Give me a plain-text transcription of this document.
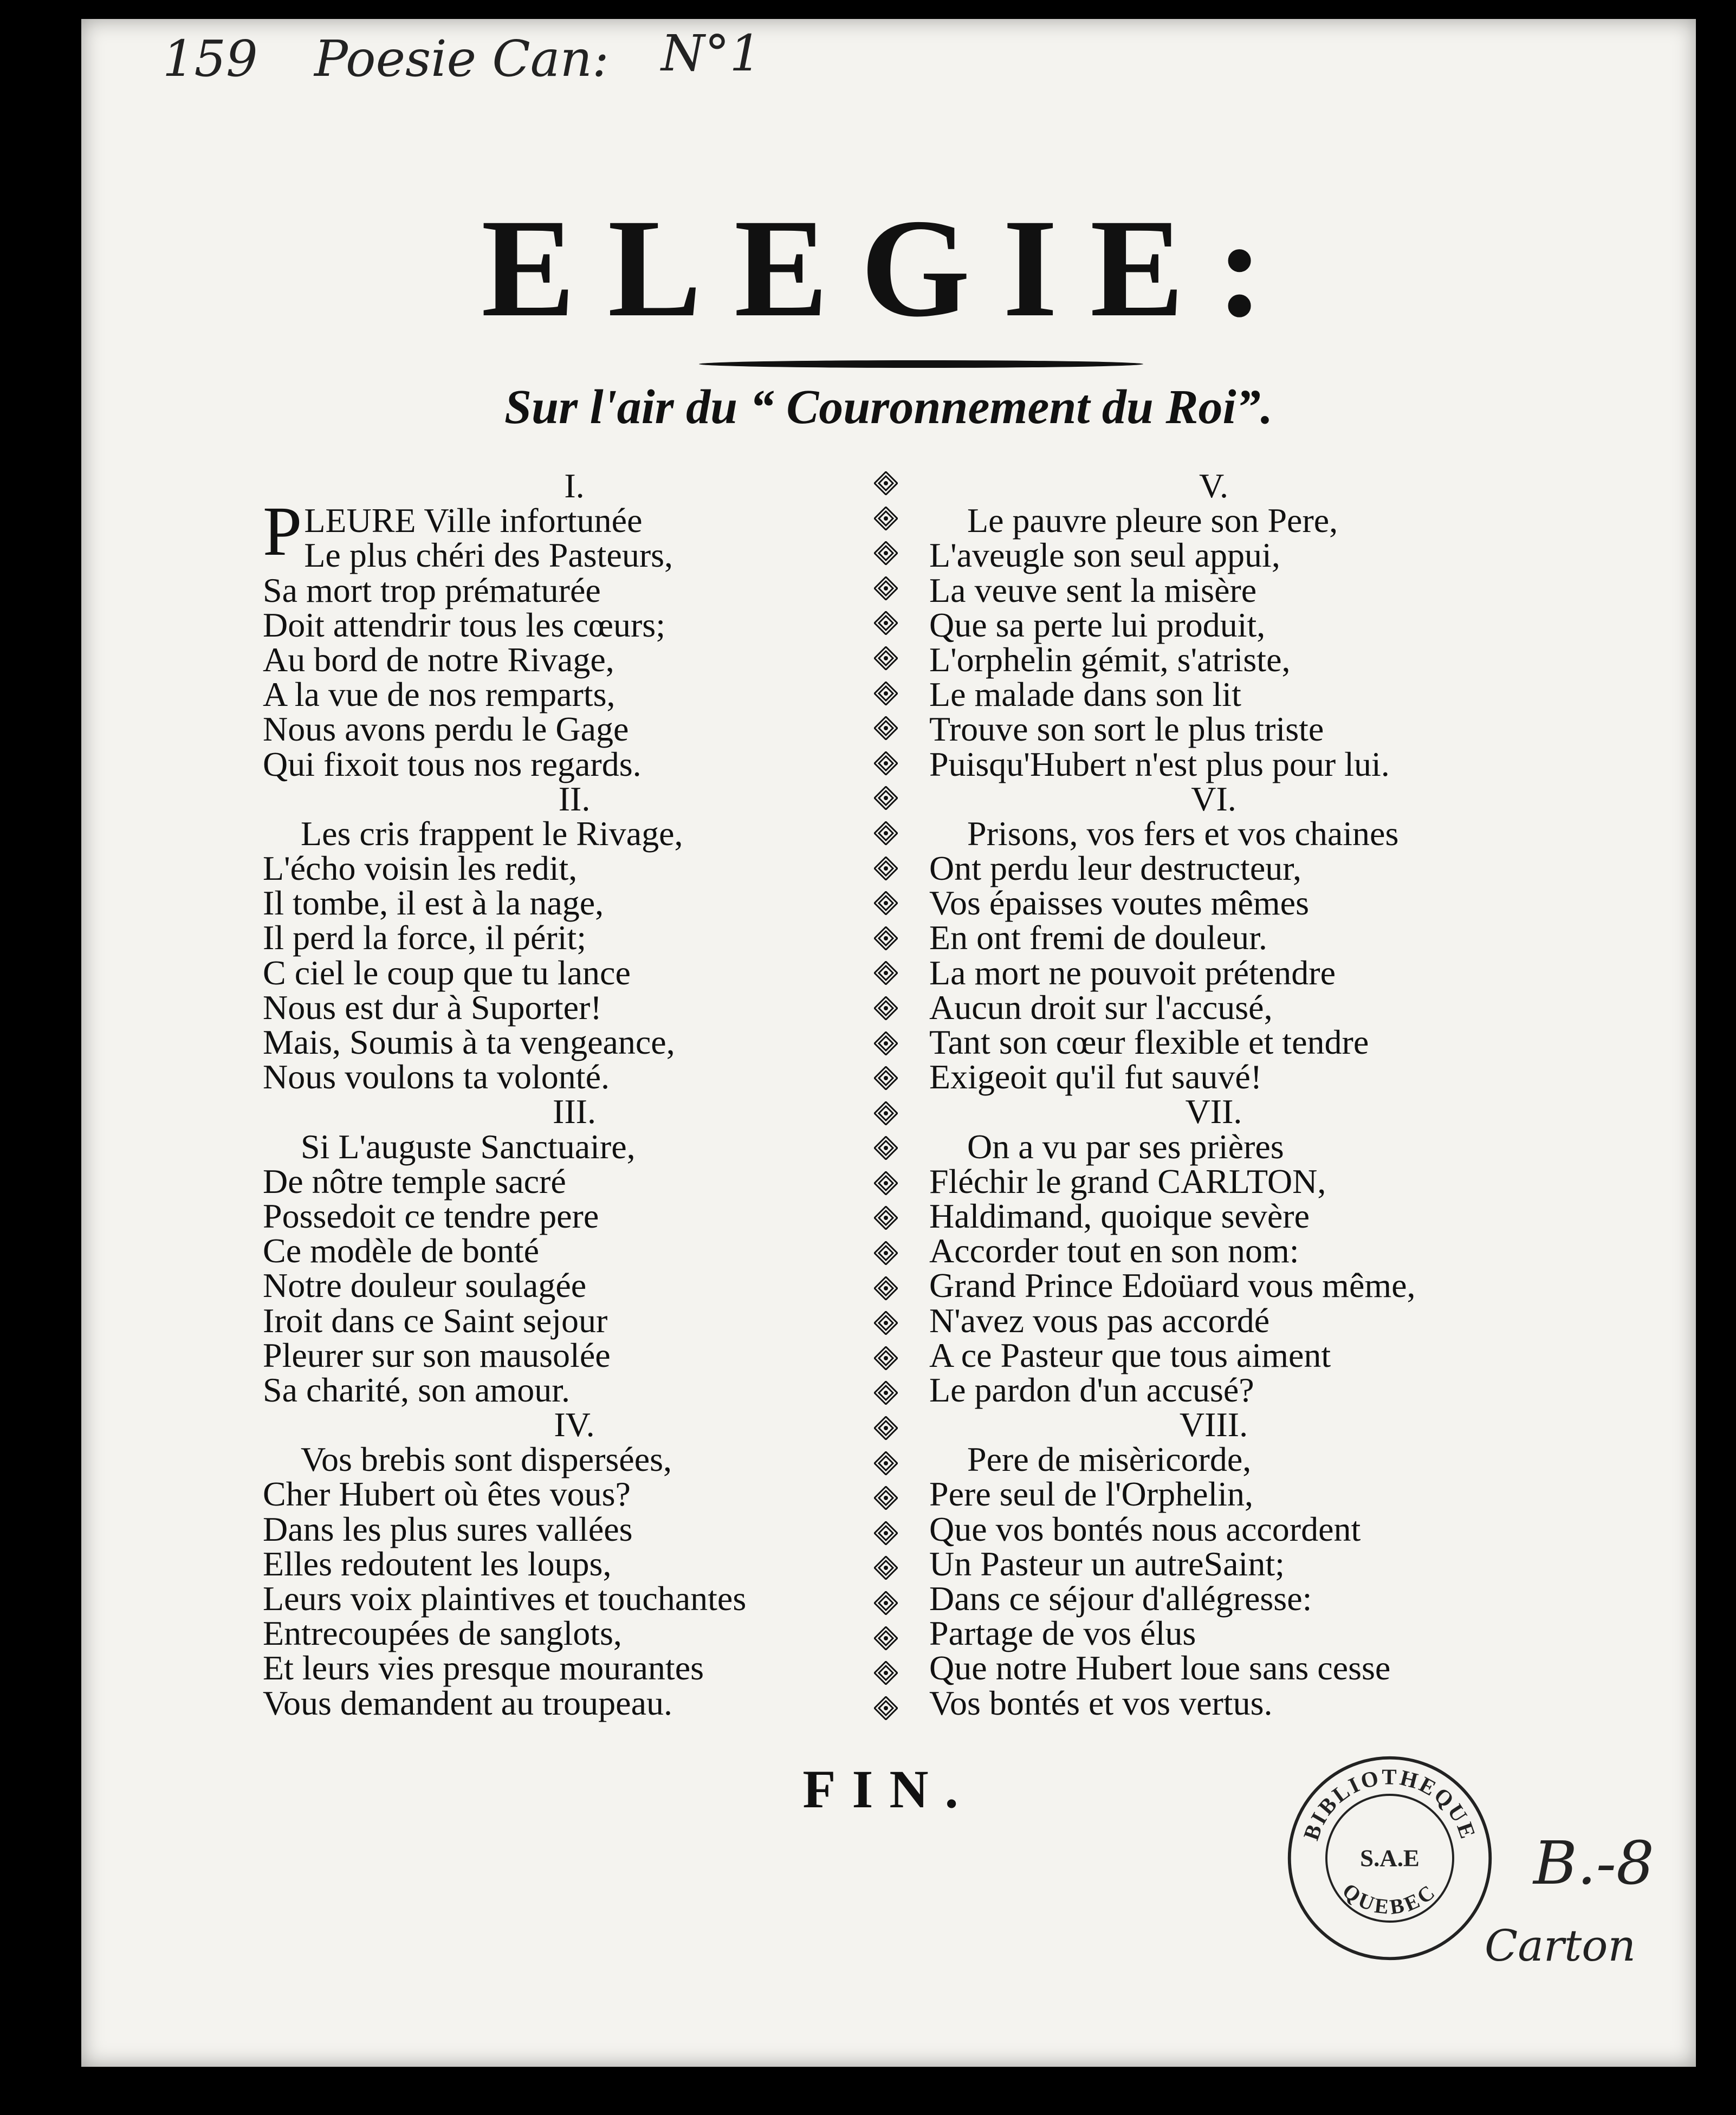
159 Poesie Can: N°1
ELEGIE:
Sur l'air du “ Couronnement du Roi”.
I.
PLEURE Ville infortunée
Le plus chéri des Pasteurs,
Sa mort trop prématurée
Doit attendrir tous les cœurs;
Au bord de notre Rivage,
A la vue de nos remparts,
Nous avons perdu le Gage
Qui fixoit tous nos regards.
II.
Les cris frappent le Rivage,
L'écho voisin les redit,
Il tombe, il est à la nage,
Il perd la force, il périt;
C ciel le coup que tu lance
Nous est dur à Suporter!
Mais, Soumis à ta vengeance,
Nous voulons ta volonté.
III.
Si L'auguste Sanctuaire,
De nôtre temple sacré
Possedoit ce tendre pere
Ce modèle de bonté
Notre douleur soulagée
Iroit dans ce Saint sejour
Pleurer sur son mausolée
Sa charité, son amour.
IV.
Vos brebis sont dispersées,
Cher Hubert où êtes vous?
Dans les plus sures vallées
Elles redoutent les loups,
Leurs voix plaintives et touchantes
Entrecoupées de sanglots,
Et leurs vies presque mourantes
Vous demandent au troupeau.
V.
Le pauvre pleure son Pere,
L'aveugle son seul appui,
La veuve sent la misère
Que sa perte lui produit,
L'orphelin gémit, s'atriste,
Le malade dans son lit
Trouve son sort le plus triste
Puisqu'Hubert n'est plus pour lui.
VI.
Prisons, vos fers et vos chaines
Ont perdu leur destructeur,
Vos épaisses voutes mêmes
En ont fremi de douleur.
La mort ne pouvoit prétendre
Aucun droit sur l'accusé,
Tant son cœur flexible et tendre
Exigeoit qu'il fut sauvé!
VII.
On a vu par ses prières
Fléchir le grand CARLTON,
Haldimand, quoique sevère
Accorder tout en son nom:
Grand Prince Edoüard vous même,
N'avez vous pas accordé
A ce Pasteur que tous aiment
Le pardon d'un accusé?
VIII.
Pere de misèricorde,
Pere seul de l'Orphelin,
Que vos bontés nous accordent
Un Pasteur un autreSaint;
Dans ce séjour d'allégresse:
Partage de vos élus
Que notre Hubert loue sans cesse
Vos bontés et vos vertus.
FIN.
BIBLIOTHEQUE
QUEBEC
S.A.E B.-8
Carton
